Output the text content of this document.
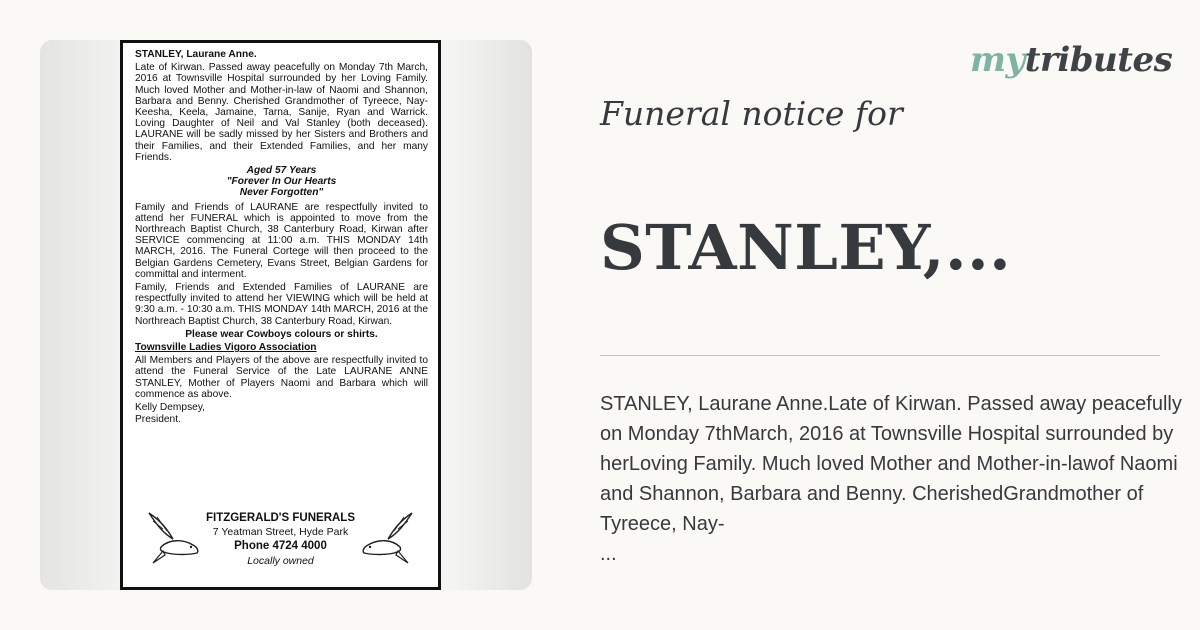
STANLEY, Laurane Anne.
Late of Kirwan. Passed away peacefully on Monday 7th March, 2016 at Townsville Hospital surrounded by her Loving Family. Much loved Mother and Mother-in-law of Naomi and Shannon, Barbara and Benny. Cherished Grandmother of Tyreece, Nay-Keesha, Keela, Jamaine, Tarna, Sanije, Ryan and Warrick. Loving Daughter of Neil and Val Stanley (both deceased). LAURANE will be sadly missed by her Sisters and Brothers and their Families, and their Extended Families, and her many Friends.
Aged 57 Years
"Forever In Our Hearts
Never Forgotten"
Family and Friends of LAURANE are respectfully invited to attend her FUNERAL which is appointed to move from the Northreach Baptist Church, 38 Canterbury Road, Kirwan after SERVICE commencing at 11:00 a.m. THIS MONDAY 14th MARCH, 2016. The Funeral Cortege will then proceed to the Belgian Gardens Cemetery, Evans Street, Belgian Gardens for committal and interment.
Family, Friends and Extended Families of LAURANE are respectfully invited to attend her VIEWING which will be held at 9:30 a.m. - 10:30 a.m. THIS MONDAY 14th MARCH, 2016 at the Northreach Baptist Church, 38 Canterbury Road, Kirwan.
Please wear Cowboys colours or shirts.
Townsville Ladies Vigoro Association
All Members and Players of the above are respectfully invited to attend the Funeral Service of the Late LAURANE ANNE STANLEY, Mother of Players Naomi and Barbara which will commence as above.
Kelly Dempsey,
President.
FITZGERALD'S FUNERALS
7 Yeatman Street, Hyde Park
Phone 4724 4000
Locally owned
mytributes
Funeral notice for
STANLEY,...
STANLEY, Laurane Anne.Late of Kirwan. Passed away peacefully on Monday 7thMarch, 2016 at Townsville Hospital surrounded by herLoving Family. Much loved Mother and Mother-in-lawof Naomi and Shannon, Barbara and Benny. CherishedGrandmother of Tyreece, Nay-
...
